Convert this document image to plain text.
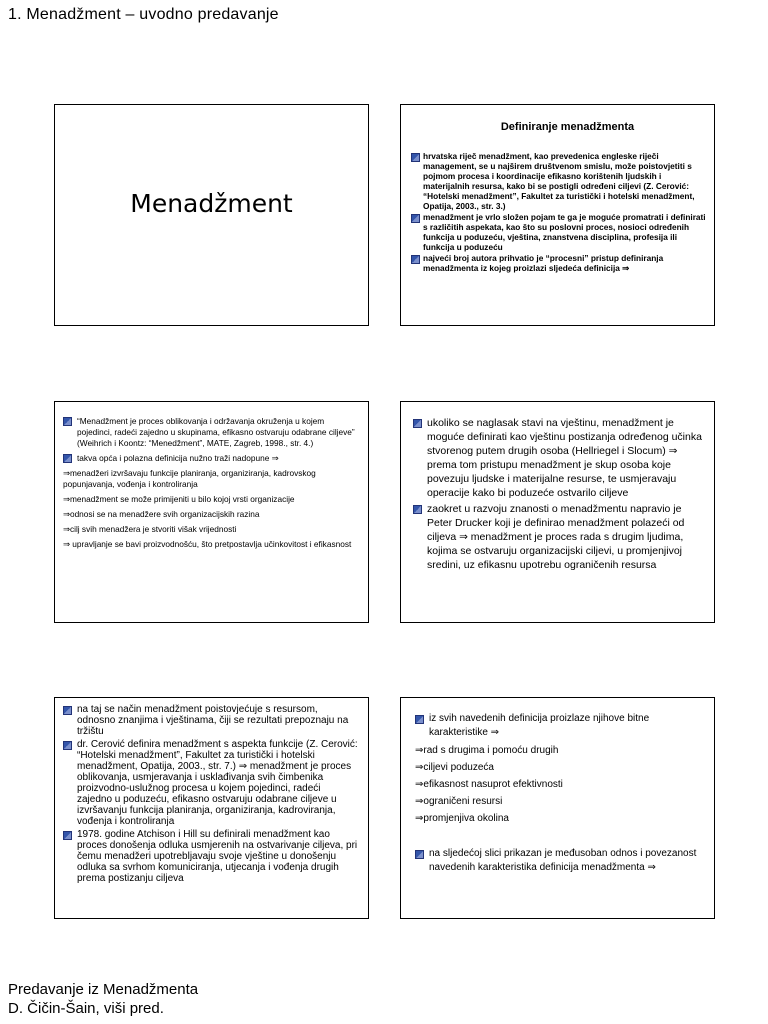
1. Menadžment – uvodno predavanje
Menadžment
Definiranje menadžmenta
hrvatska riječ menadžment, kao prevedenica engleske riječi management, se u najširem društvenom smislu, može poistovjetiti s pojmom procesa i koordinacije efikasno korištenih ljudskih i materijalnih resursa, kako bi se postigli određeni ciljevi (Z. Cerović: “Hotelski menadžment”, Fakultet za turistički i hotelski menadžment, Opatija, 2003., str. 3.)
menadžment je vrlo složen pojam te ga je moguće promatrati i definirati s različitih aspekata, kao što su poslovni proces, nosioci određenih funkcija u poduzeću, vještina, znanstvena disciplina, profesija ili funkcija u poduzeću
najveći broj autora prihvatio je “procesni” pristup definiranja menadžmenta iz kojeg proizlazi sljedeća definicija ⇒
“Menadžment je proces oblikovanja i održavanja okruženja u kojem pojedinci, radeći zajedno u skupinama, efikasno ostvaruju odabrane ciljeve” (Weihrich i Koontz: “Menedžment”, MATE, Zagreb, 1998., str. 4.)
takva opća i polazna definicija nužno traži nadopune ⇒
⇒menadžeri izvršavaju funkcije planiranja, organiziranja, kadrovskog popunjavanja, vođenja i kontroliranja
⇒menadžment se može primijeniti u bilo kojoj vrsti organizacije
⇒odnosi se na menadžere svih organizacijskih razina
⇒cilj svih menadžera je stvoriti višak vrijednosti
⇒ upravljanje se bavi proizvodnošću, što pretpostavlja učinkovitost i efikasnost
ukoliko se naglasak stavi na vještinu, menadžment je moguće definirati kao vještinu postizanja određenog učinka stvorenog putem drugih osoba (Hellriegel i Slocum) ⇒ prema tom pristupu menadžment je skup osoba koje povezuju ljudske i materijalne resurse, te usmjeravaju operacije kako bi poduzeće ostvarilo ciljeve
zaokret u razvoju znanosti o menadžmentu napravio je Peter Drucker koji je definirao menadžment polazeći od ciljeva ⇒ menadžment je proces rada s drugim ljudima, kojima se ostvaruju organizacijski ciljevi, u promjenjivoj sredini, uz efikasnu upotrebu ograničenih resursa
na taj se način menadžment poistovjećuje s resursom, odnosno znanjima i vještinama, čiji se rezultati prepoznaju na tržištu
dr. Cerović definira menadžment s aspekta funkcije (Z. Cerović: “Hotelski menadžment”, Fakultet za turistički i hotelski menadžment, Opatija, 2003., str. 7.) ⇒ menadžment je proces oblikovanja, usmjeravanja i usklađivanja svih čimbenika proizvodno-uslužnog procesa u kojem pojedinci, radeći zajedno u poduzeću, efikasno ostvaruju odabrane ciljeve u izvršavanju funkcija planiranja, organiziranja, kadroviranja, vođenja i kontroliranja
1978. godine Atchison i Hill su definirali menadžment kao proces donošenja odluka usmjerenih na ostvarivanje ciljeva, pri čemu menadžeri upotrebljavaju svoje vještine u donošenju odluka sa svrhom komuniciranja, utjecanja i vođenja drugih prema postizanju ciljeva
iz svih navedenih definicija proizlaze njihove bitne karakteristike ⇒
⇒rad s drugima i pomoću drugih
⇒ciljevi poduzeća
⇒efikasnost nasuprot efektivnosti
⇒ograničeni resursi
⇒promjenjiva okolina
na sljedećoj slici prikazan je međusoban odnos i povezanost navedenih karakteristika definicija menadžmenta ⇒
Predavanje iz Menadžmenta
D. Čičin-Šain, viši pred.
